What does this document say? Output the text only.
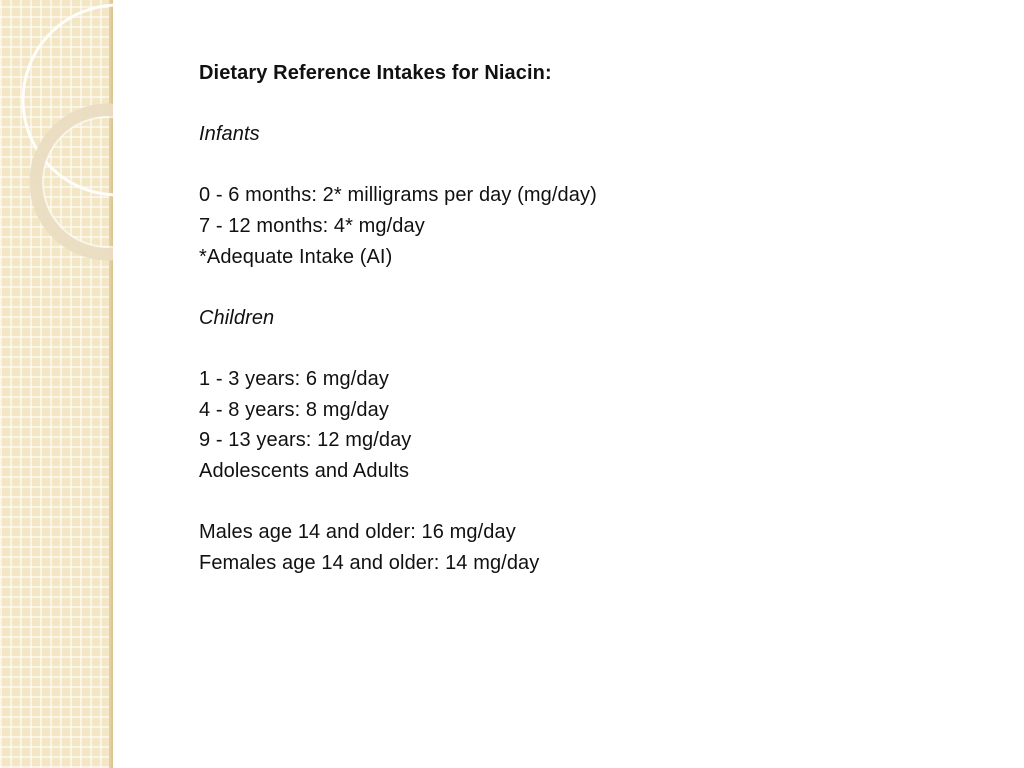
Dietary Reference Intakes for Niacin:
Infants
0 - 6 months: 2* milligrams per day (mg/day)
7 - 12 months: 4* mg/day
*Adequate Intake (AI)
Children
1 - 3 years: 6 mg/day
4 - 8 years: 8 mg/day
9 - 13 years: 12 mg/day
Adolescents and Adults
Males age 14 and older: 16 mg/day
Females age 14 and older: 14 mg/day
